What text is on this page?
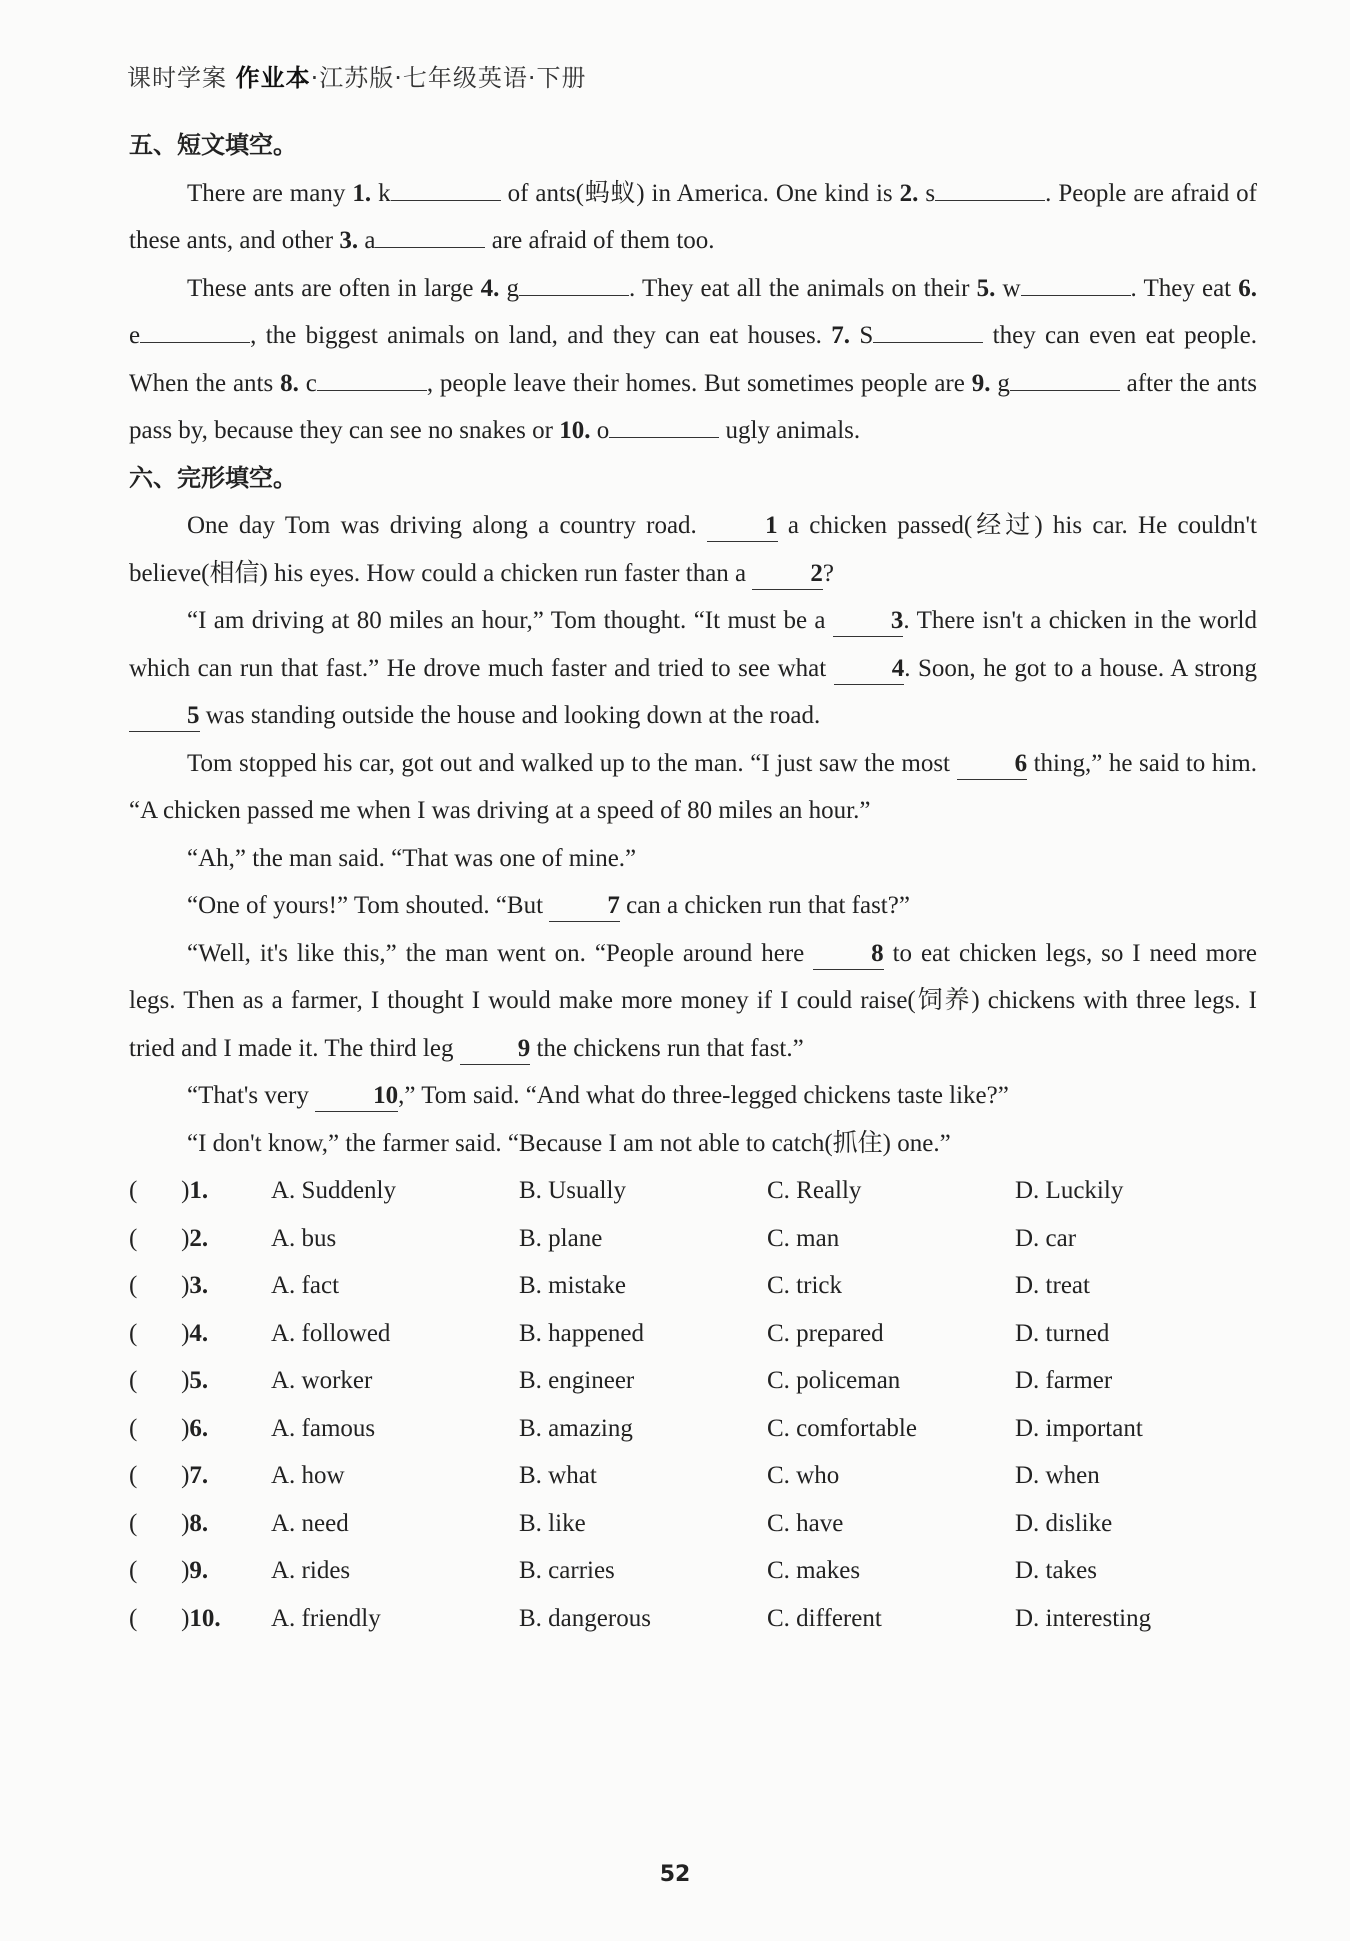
课时学案 作业本·江苏版·七年级英语·下册
五、短文填空。
There are many 1. k	of ants(蚂蚁) in America. One kind is 2. s	. People are afraid of these ants, and other 3. a	are afraid of them too.
These ants are often in large 4. g	. They eat all the animals on their 5. w	. They eat 6. e	, the biggest animals on land, and they can eat houses. 7. S	they can even eat people. When the ants 8. c	, people leave their homes. But sometimes people are 9. g	after the ants pass by, because they can see no snakes or 10. o	ugly animals.
六、完形填空。
One day Tom was driving along a country road. 1 a chicken passed(经过) his car. He couldn't believe(相信) his eyes. How could a chicken run faster than a 2?
“I am driving at 80 miles an hour,” Tom thought. “It must be a 3. There isn't a chicken in the world which can run that fast.” He drove much faster and tried to see what 4. Soon, he got to a house. A strong 5 was standing outside the house and looking down at the road.
Tom stopped his car, got out and walked up to the man. “I just saw the most 6 thing,” he said to him. “A chicken passed me when I was driving at a speed of 80 miles an hour.”
“Ah,” the man said. “That was one of mine.”
“One of yours!” Tom shouted. “But 7 can a chicken run that fast?”
“Well, it's like this,” the man went on. “People around here 8 to eat chicken legs, so I need more legs. Then as a farmer, I thought I would make more money if I could raise(饲养) chickens with three legs. I tried and I made it. The third leg 9 the chickens run that fast.”
“That's very 10,” Tom said. “And what do three-legged chickens taste like?”
“I don't know,” the farmer said. “Because I am not able to catch(抓住) one.”
(       )1.	A. Suddenly	B. Usually	C. Really	D. Luckily
(       )2.	A. bus	B. plane	C. man	D. car
(       )3.	A. fact	B. mistake	C. trick	D. treat
(       )4.	A. followed	B. happened	C. prepared	D. turned
(       )5.	A. worker	B. engineer	C. policeman	D. farmer
(       )6.	A. famous	B. amazing	C. comfortable	D. important
(       )7.	A. how	B. what	C. who	D. when
(       )8.	A. need	B. like	C. have	D. dislike
(       )9.	A. rides	B. carries	C. makes	D. takes
(       )10.	A. friendly	B. dangerous	C. different	D. interesting
52
